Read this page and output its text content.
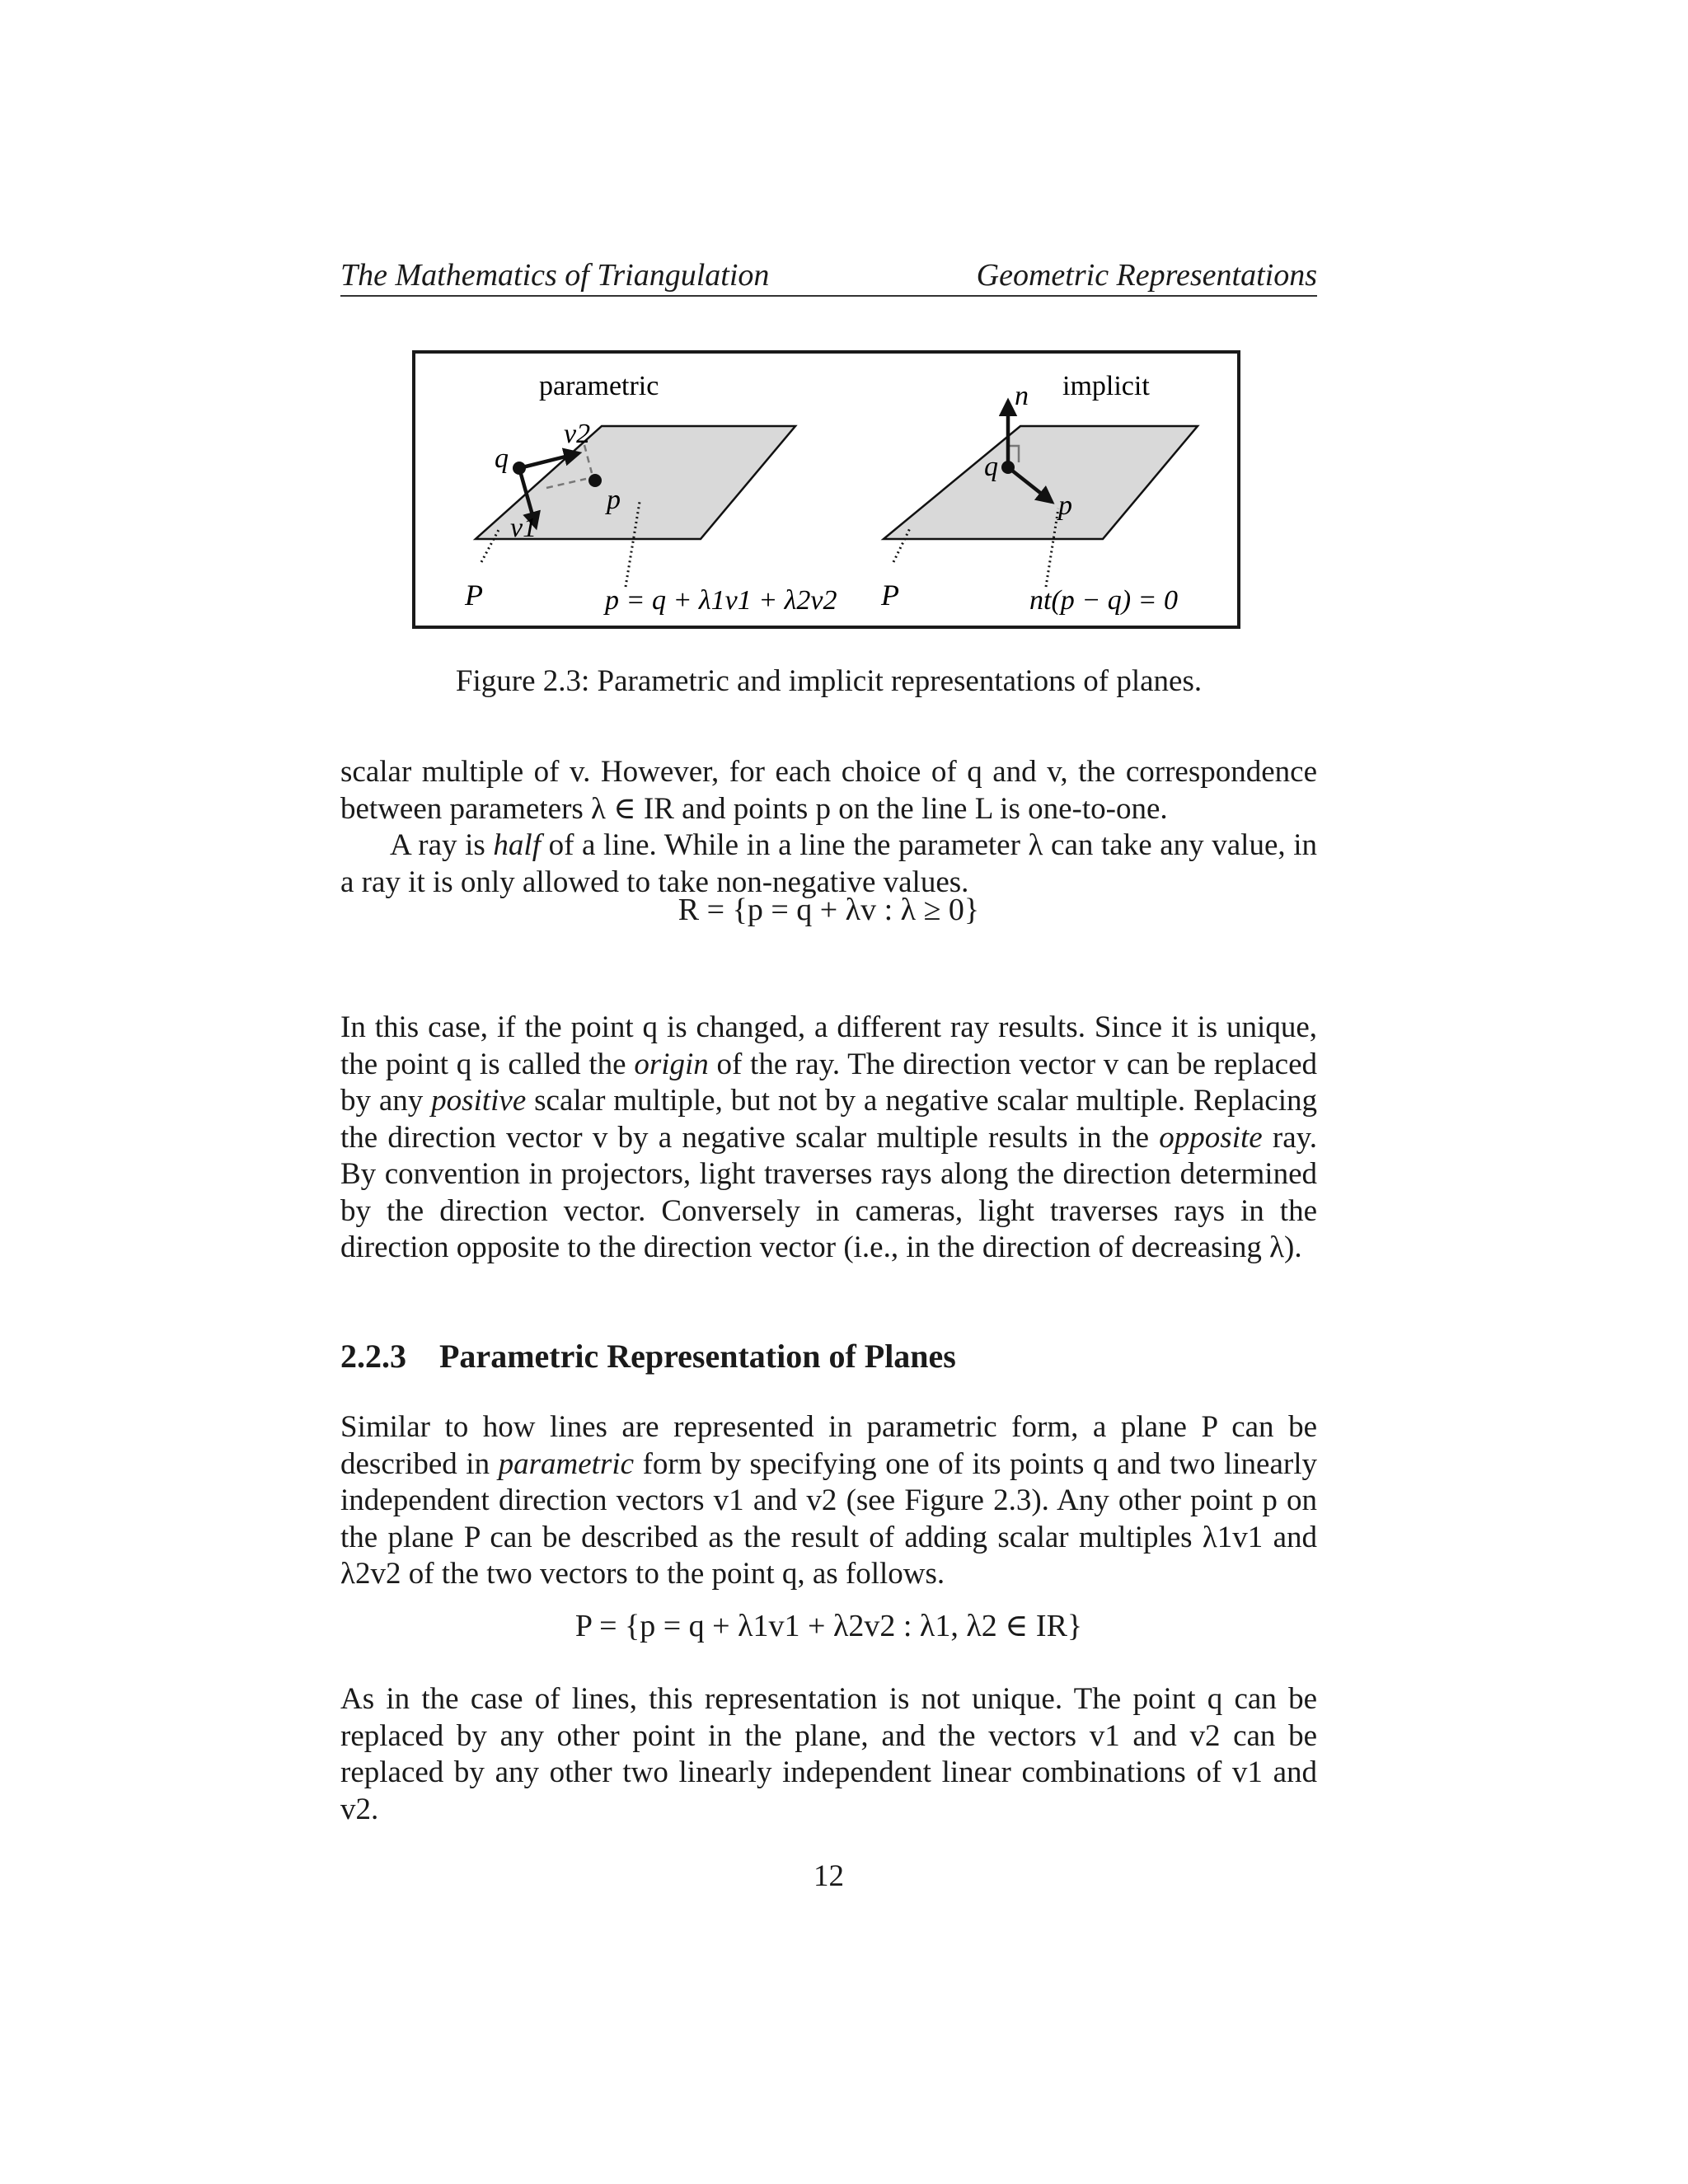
The Mathematics of Triangulation	Geometric Representations
parametric
q
v2
p
v1
P	p = q + λ1v1 + λ2v2
implicit
n
q
p
P	nt(p − q) = 0
Figure 2.3: Parametric and implicit representations of planes.

scalar multiple of v. However, for each choice of q and v, the correspondence between parameters λ ∈ IR and points p on the line L is one-to-one.

A ray is half of a line. While in a line the parameter λ can take any value, in a ray it is only allowed to take non-negative values.

R = {p = q + λv : λ ≥ 0}

In this case, if the point q is changed, a different ray results. Since it is unique, the point q is called the origin of the ray. The direction vector v can be replaced by any positive scalar multiple, but not by a negative scalar multiple. Replacing the direction vector v by a negative scalar multiple results in the opposite ray. By convention in projectors, light traverses rays along the direction determined by the direction vector. Conversely in cameras, light traverses rays in the direction opposite to the direction vector (i.e., in the direction of decreasing λ).

2.2.3 Parametric Representation of Planes

Similar to how lines are represented in parametric form, a plane P can be described in parametric form by specifying one of its points q and two linearly independent direction vectors v1 and v2 (see Figure 2.3). Any other point p on the plane P can be described as the result of adding scalar multiples λ1v1 and λ2v2 of the two vectors to the point q, as follows.

P = {p = q + λ1v1 + λ2v2 : λ1, λ2 ∈ IR}

As in the case of lines, this representation is not unique. The point q can be replaced by any other point in the plane, and the vectors v1 and v2 can be replaced by any other two linearly independent linear combinations of v1 and v2.

12
